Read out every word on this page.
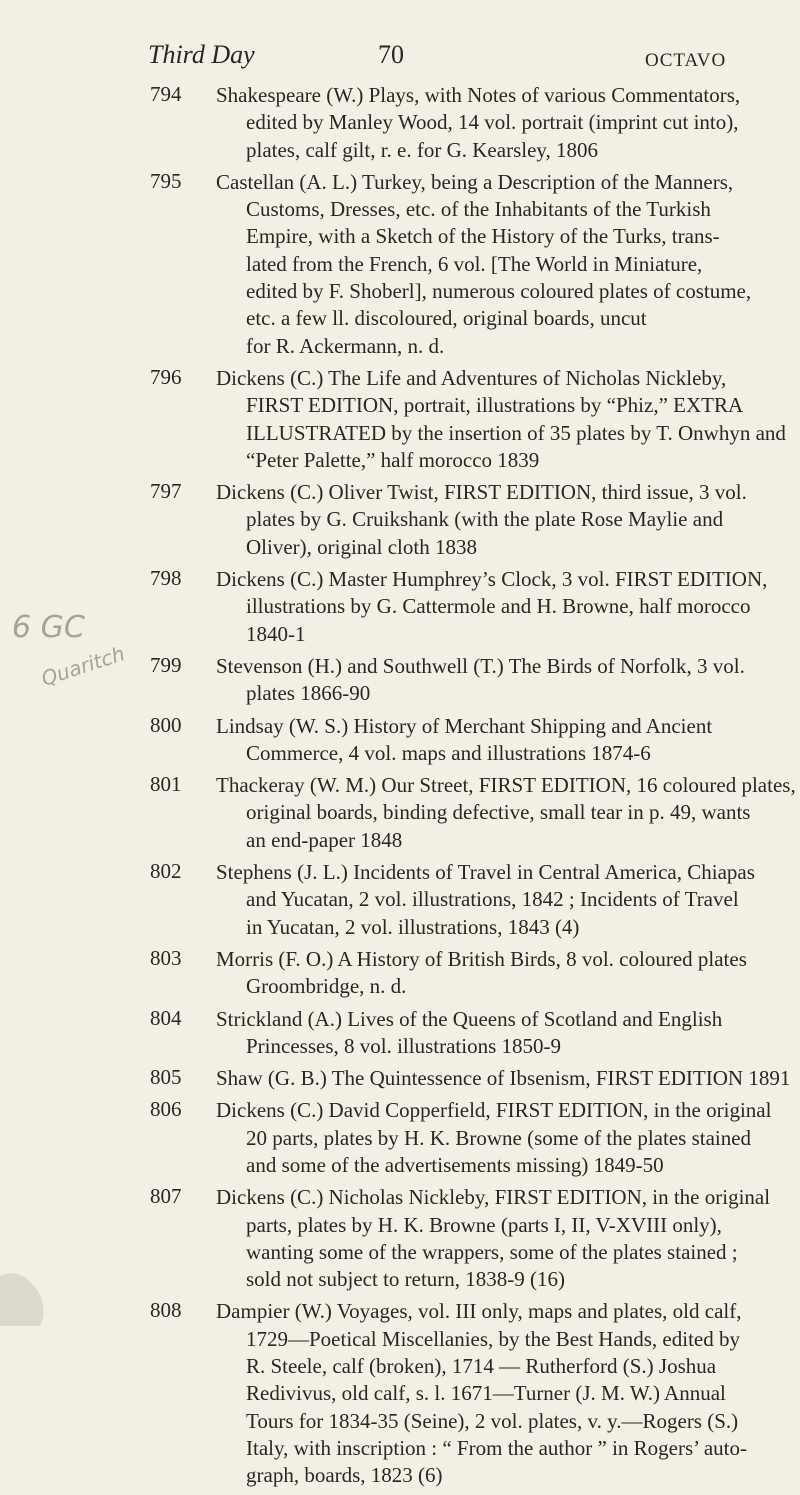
Third Day	70	OCTAVO
794 Shakespeare (W.) Plays, with Notes of various Commentators,
edited by Manley Wood, 14 vol. portrait (imprint cut into),
plates, calf gilt, r. e. for G. Kearsley, 1806
795 Castellan (A. L.) Turkey, being a Description of the Manners,
Customs, Dresses, etc. of the Inhabitants of the Turkish
Empire, with a Sketch of the History of the Turks, trans-
lated from the French, 6 vol. [The World in Miniature,
edited by F. Shoberl], numerous coloured plates of costume,
etc. a few ll. discoloured, original boards, uncut
for R. Ackermann, n. d.
796 Dickens (C.) The Life and Adventures of Nicholas Nickleby,
FIRST EDITION, portrait, illustrations by “Phiz,” EXTRA
ILLUSTRATED by the insertion of 35 plates by T. Onwhyn and
“Peter Palette,” half morocco 1839
797 Dickens (C.) Oliver Twist, FIRST EDITION, third issue, 3 vol.
plates by G. Cruikshank (with the plate Rose Maylie and
Oliver), original cloth 1838
798 Dickens (C.) Master Humphrey’s Clock, 3 vol. FIRST EDITION,
illustrations by G. Cattermole and H. Browne, half morocco
1840-1
799 Stevenson (H.) and Southwell (T.) The Birds of Norfolk, 3 vol.
plates 1866-90
800 Lindsay (W. S.) History of Merchant Shipping and Ancient
Commerce, 4 vol. maps and illustrations 1874-6
801 Thackeray (W. M.) Our Street, FIRST EDITION, 16 coloured plates,
original boards, binding defective, small tear in p. 49, wants
an end-paper 1848
802 Stephens (J. L.) Incidents of Travel in Central America, Chiapas
and Yucatan, 2 vol. illustrations, 1842 ; Incidents of Travel
in Yucatan, 2 vol. illustrations, 1843 (4)
803 Morris (F. O.) A History of British Birds, 8 vol. coloured plates
Groombridge, n. d.
804 Strickland (A.) Lives of the Queens of Scotland and English
Princesses, 8 vol. illustrations 1850-9
805 Shaw (G. B.) The Quintessence of Ibsenism, FIRST EDITION 1891
806 Dickens (C.) David Copperfield, FIRST EDITION, in the original
20 parts, plates by H. K. Browne (some of the plates stained
and some of the advertisements missing) 1849-50
807 Dickens (C.) Nicholas Nickleby, FIRST EDITION, in the original
parts, plates by H. K. Browne (parts I, II, V-XVIII only),
wanting some of the wrappers, some of the plates stained ;
sold not subject to return, 1838-9 (16)
808 Dampier (W.) Voyages, vol. III only, maps and plates, old calf,
1729—Poetical Miscellanies, by the Best Hands, edited by
R. Steele, calf (broken), 1714 — Rutherford (S.) Joshua
Redivivus, old calf, s. l. 1671—Turner (J. M. W.) Annual
Tours for 1834-35 (Seine), 2 vol. plates, v. y.—Rogers (S.)
Italy, with inscription : “ From the author ” in Rogers’ auto-
graph, boards, 1823 (6)
6 GC
Quaritch
